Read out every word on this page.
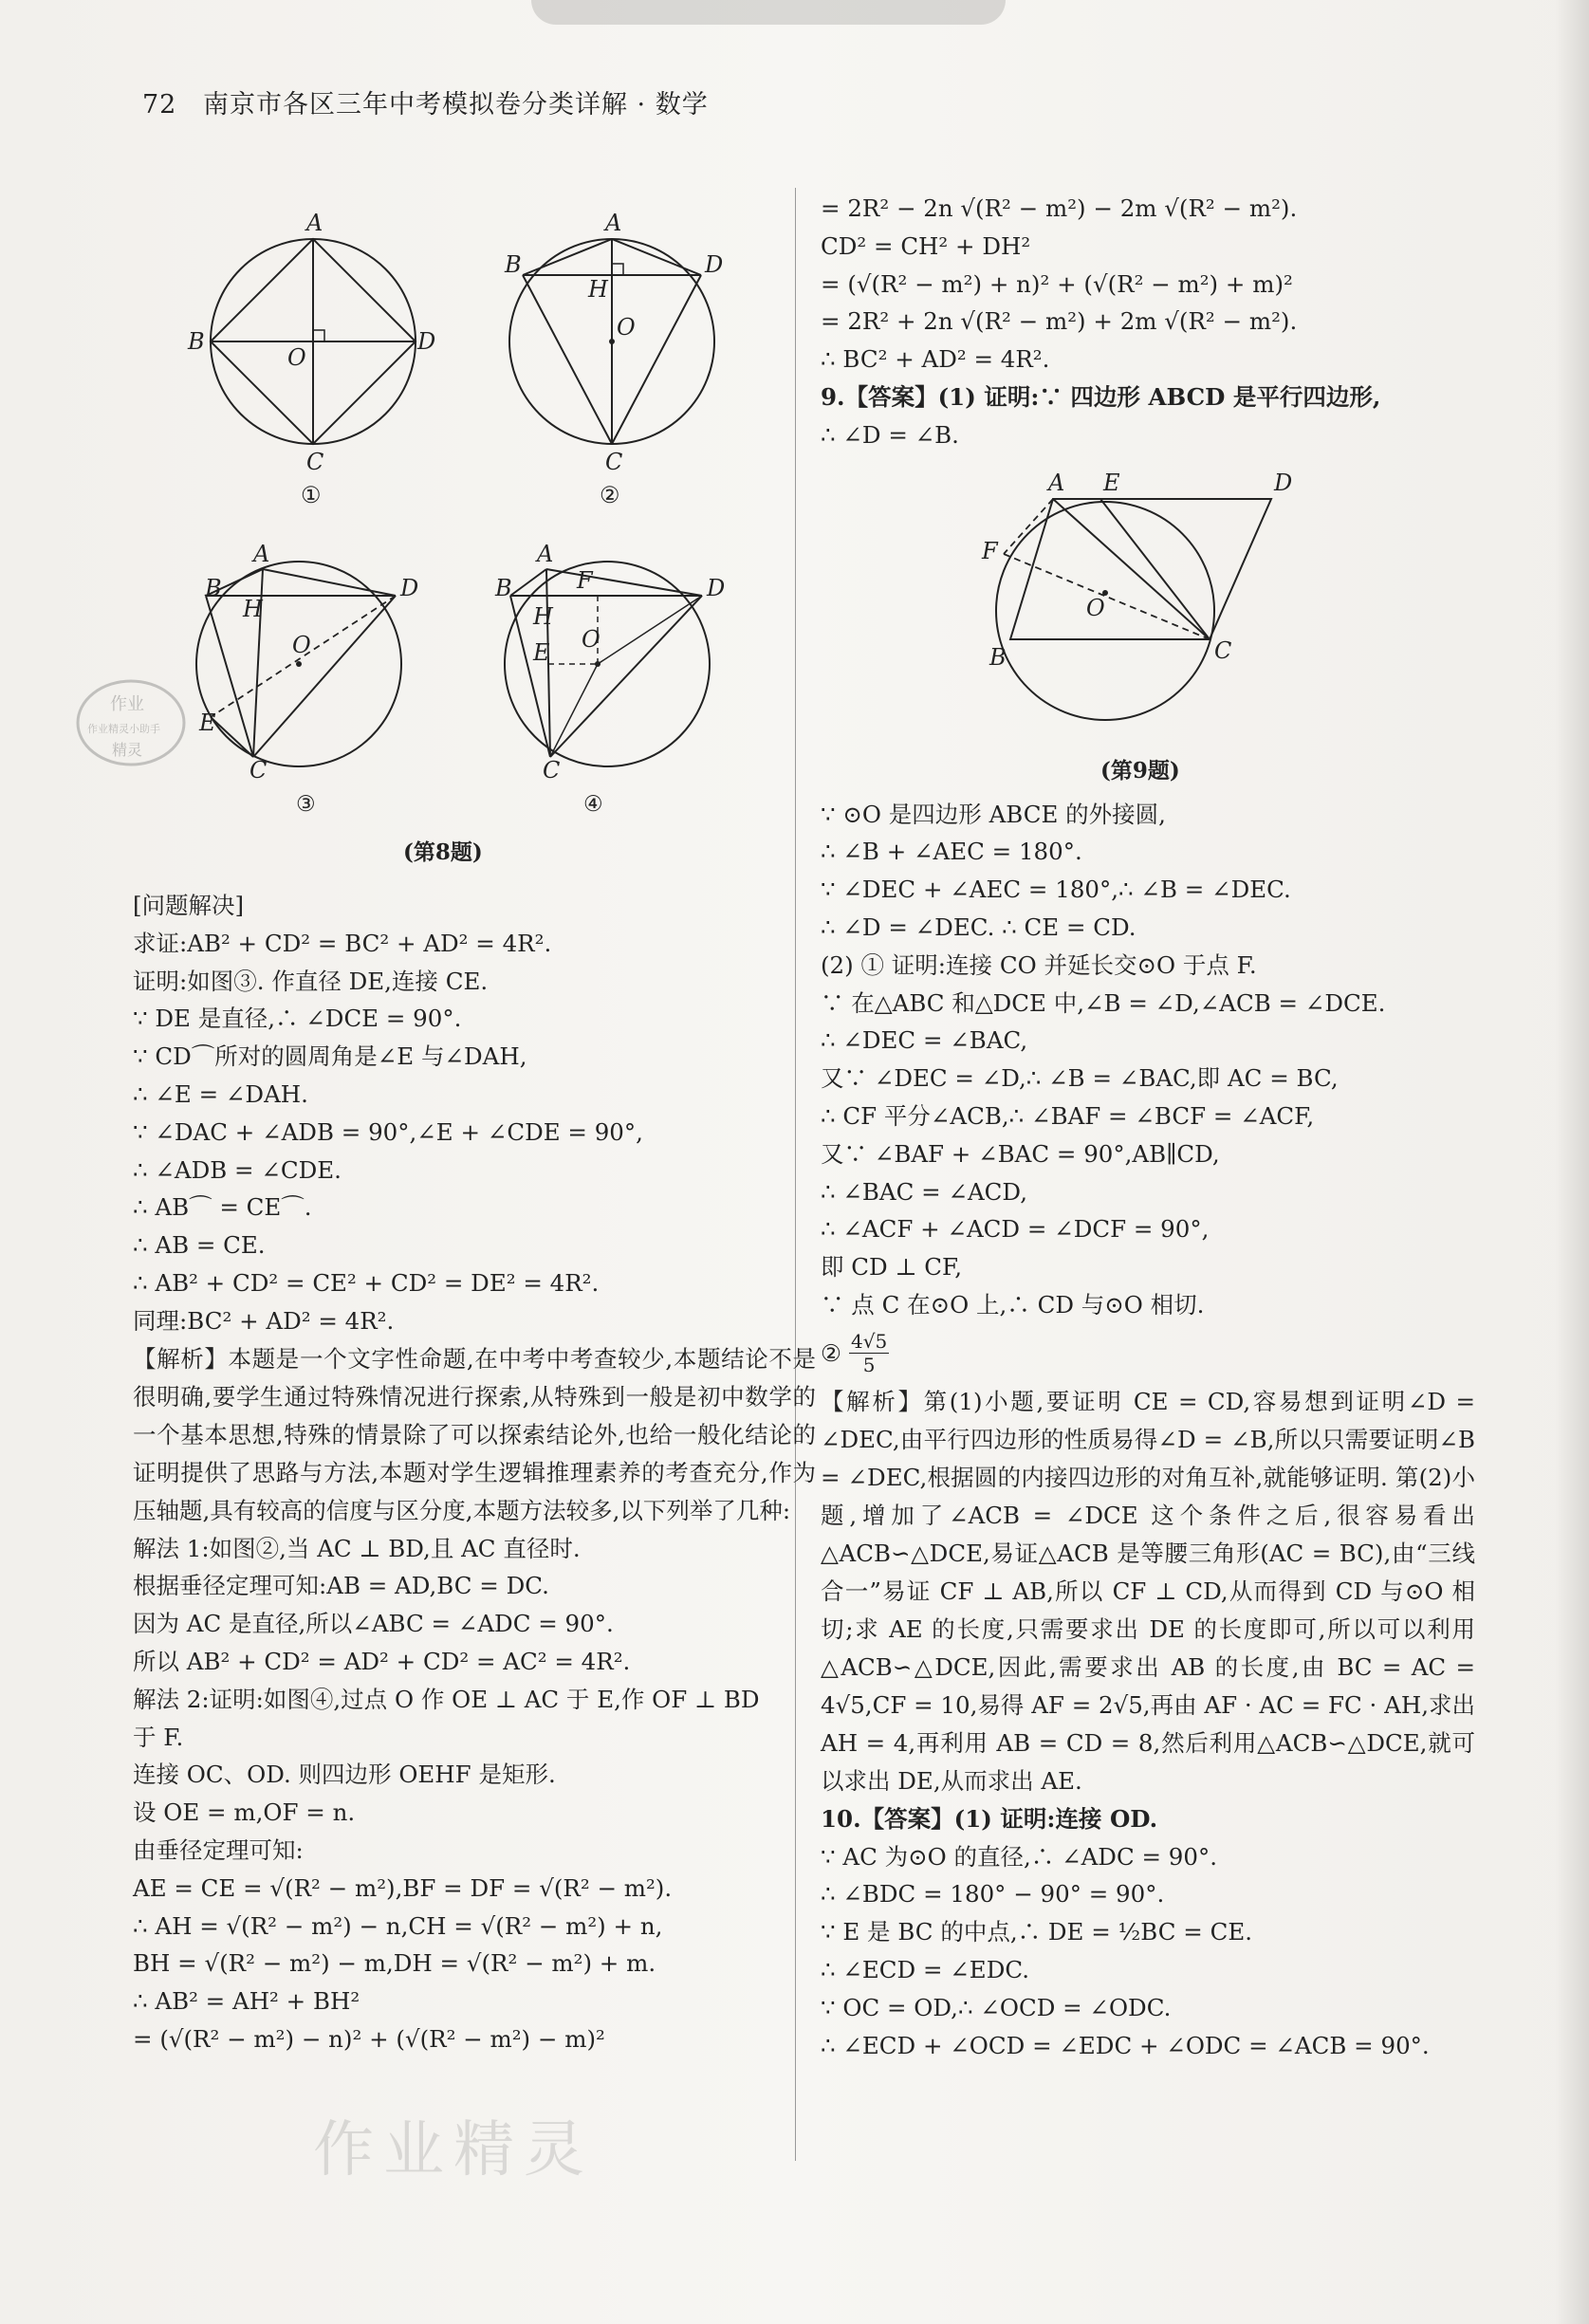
72 南京市各区三年中考模拟卷分类详解 · 数学
A
B	D
C
O
①
A
B	D
H
O
C
②
A
B	D
H
O
E
C
A
B	D
H
F
O
E
C
③	④
(第8题)
作业
作业精灵小助手
精灵
[问题解决]
求证:AB² + CD² = BC² + AD² = 4R².
证明:如图③. 作直径 DE,连接 CE.
∵ DE 是直径,∴ ∠DCE = 90°.
∵ CD⌒所对的圆周角是∠E 与∠DAH,
∴ ∠E = ∠DAH.
∵ ∠DAC + ∠ADB = 90°,∠E + ∠CDE = 90°,
∴ ∠ADB = ∠CDE.
∴ AB⌒ = CE⌒.
∴ AB = CE.
∴ AB² + CD² = CE² + CD² = DE² = 4R².
同理:BC² + AD² = 4R².
【解析】本题是一个文字性命题,在中考中考查较少,本题结论不是很明确,要学生通过特殊情况进行探索,从特殊到一般是初中数学的一个基本思想,特殊的情景除了可以探索结论外,也给一般化结论的证明提供了思路与方法,本题对学生逻辑推理素养的考查充分,作为压轴题,具有较高的信度与区分度,本题方法较多,以下列举了几种:
解法 1:如图②,当 AC ⊥ BD,且 AC 直径时.
根据垂径定理可知:AB = AD,BC = DC.
因为 AC 是直径,所以∠ABC = ∠ADC = 90°.
所以 AB² + CD² = AD² + CD² = AC² = 4R².
解法 2:证明:如图④,过点 O 作 OE ⊥ AC 于 E,作 OF ⊥ BD
于 F.
连接 OC、OD. 则四边形 OEHF 是矩形.
设 OE = m,OF = n.
由垂径定理可知:
AE = CE = √(R² − m²),BF = DF = √(R² − m²).
∴ AH = √(R² − m²) − n,CH = √(R² − m²) + n,
BH = √(R² − m²) − m,DH = √(R² − m²) + m.
∴ AB² = AH² + BH²
= (√(R² − m²) − n)² + (√(R² − m²) − m)²
作业精灵
= 2R² − 2n √(R² − m²) − 2m √(R² − m²).
CD² = CH² + DH²
= (√(R² − m²) + n)² + (√(R² − m²) + m)²
= 2R² + 2n √(R² − m²) + 2m √(R² − m²).
∴ BC² + AD² = 4R².
9.【答案】(1) 证明:∵ 四边形 ABCD 是平行四边形,
∴ ∠D = ∠B.
A E	D
F
O
B	C
(第9题)
∵ ⊙O 是四边形 ABCE 的外接圆,
∴ ∠B + ∠AEC = 180°.
∵ ∠DEC + ∠AEC = 180°,∴ ∠B = ∠DEC.
∴ ∠D = ∠DEC. ∴ CE = CD.
(2) ① 证明:连接 CO 并延长交⊙O 于点 F.
∵ 在△ABC 和△DCE 中,∠B = ∠D,∠ACB = ∠DCE.
∴ ∠DEC = ∠BAC,
又∵ ∠DEC = ∠D,∴ ∠B = ∠BAC,即 AC = BC,
∴ CF 平分∠ACB,∴ ∠BAF = ∠BCF = ∠ACF,
又∵ ∠BAF + ∠BAC = 90°,AB∥CD,
∴ ∠BAC = ∠ACD,
∴ ∠ACF + ∠ACD = ∠DCF = 90°,
即 CD ⊥ CF,
∵ 点 C 在⊙O 上,∴ CD 与⊙O 相切.
② $\frac{4√5}{5}$
【解析】第(1)小题,要证明 CE = CD,容易想到证明∠D = ∠DEC,由平行四边形的性质易得∠D = ∠B,所以只需要证明∠B = ∠DEC,根据圆的内接四边形的对角互补,就能够证明. 第(2)小题,增加了∠ACB = ∠DCE 这个条件之后,很容易看出△ACB∽△DCE,易证△ACB 是等腰三角形(AC = BC),由“三线合一”易证 CF ⊥ AB,所以 CF ⊥ CD,从而得到 CD 与⊙O 相切;求 AE 的长度,只需要求出 DE 的长度即可,所以可以利用△ACB∽△DCE,因此,需要求出 AB 的长度,由 BC = AC = 4√5,CF = 10,易得 AF = 2√5,再由 AF · AC = FC · AH,求出 AH = 4,再利用 AB = CD = 8,然后利用△ACB∽△DCE,就可以求出 DE,从而求出 AE.
10.【答案】(1) 证明:连接 OD.
∵ AC 为⊙O 的直径,∴ ∠ADC = 90°.
∴ ∠BDC = 180° − 90° = 90°.
∵ E 是 BC 的中点,∴ DE = ½BC = CE.
∴ ∠ECD = ∠EDC.
∵ OC = OD,∴ ∠OCD = ∠ODC.
∴ ∠ECD + ∠OCD = ∠EDC + ∠ODC = ∠ACB = 90°.
